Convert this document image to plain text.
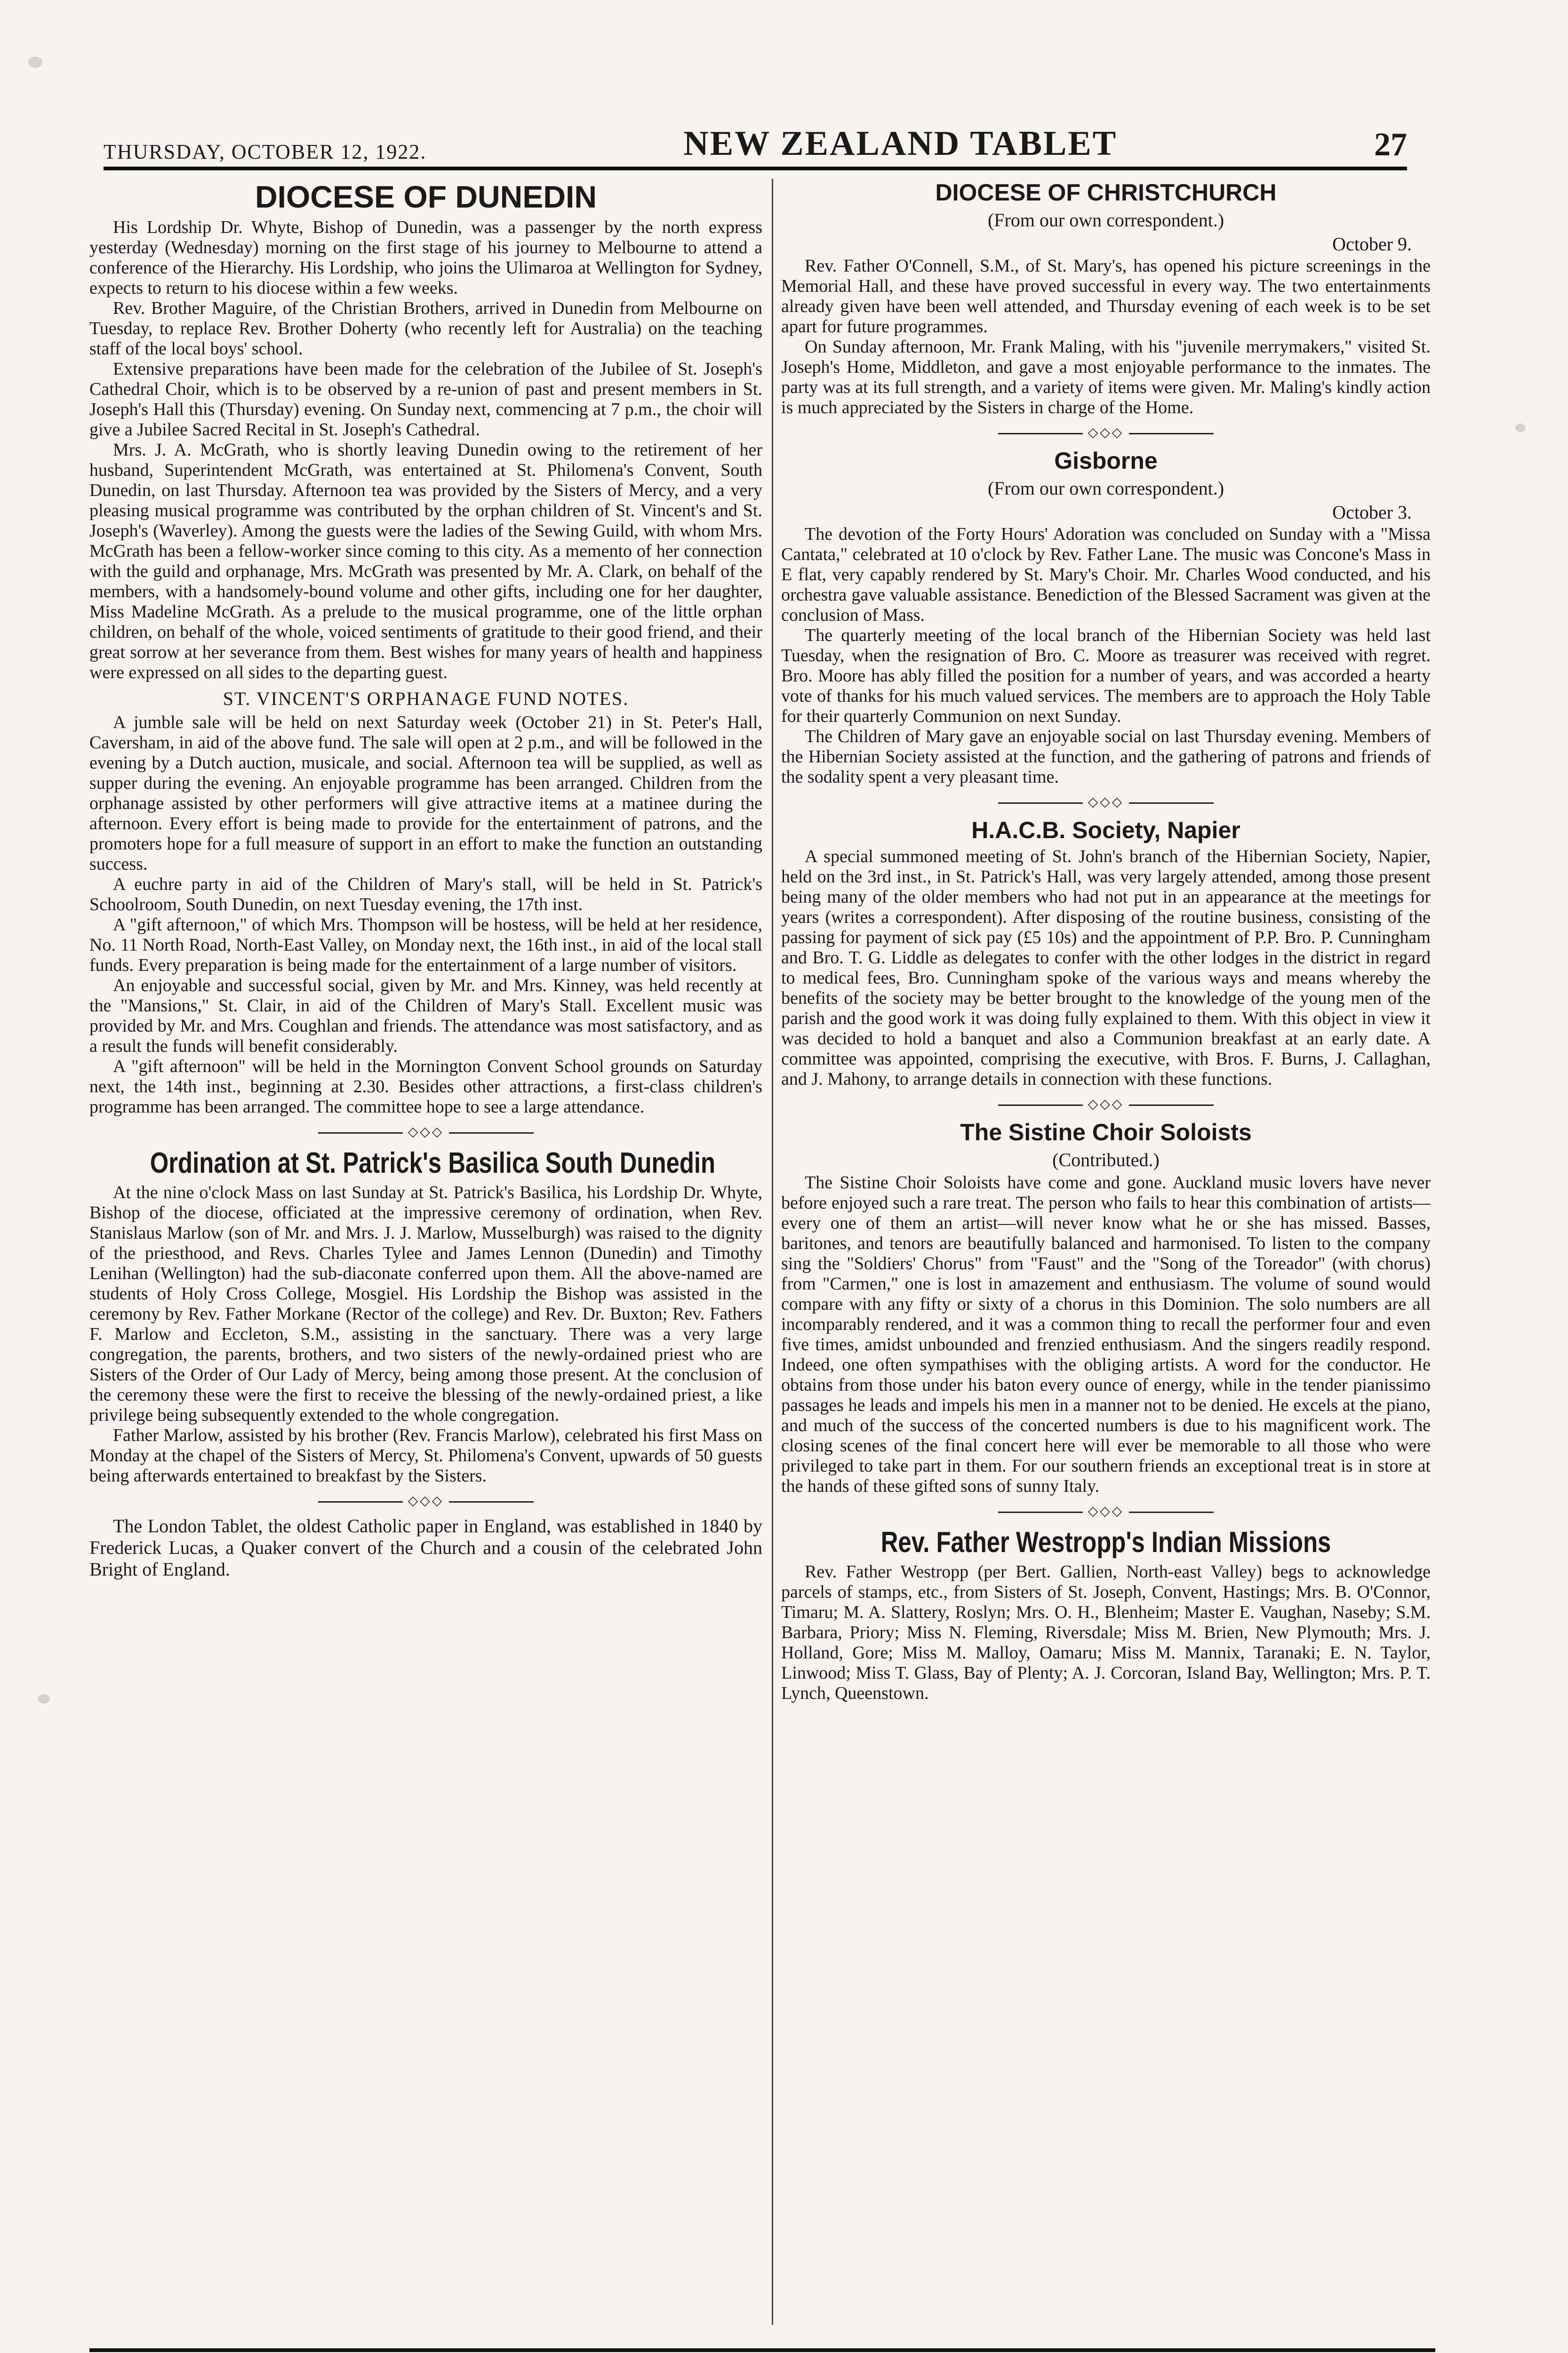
THURSDAY, OCTOBER 12, 1922.	NEW ZEALAND TABLET	27
DIOCESE OF DUNEDIN

His Lordship Dr. Whyte, Bishop of Dunedin, was a passenger by the north express yesterday (Wednesday) morning on the first stage of his journey to Melbourne to attend a conference of the Hierarchy. His Lordship, who joins the Ulimaroa at Wellington for Sydney, expects to return to his diocese within a few weeks.

Rev. Brother Maguire, of the Christian Brothers, arrived in Dunedin from Melbourne on Tuesday, to replace Rev. Brother Doherty (who recently left for Australia) on the teaching staff of the local boys' school.

Extensive preparations have been made for the celebration of the Jubilee of St. Joseph's Cathedral Choir, which is to be observed by a re-union of past and present members in St. Joseph's Hall this (Thursday) evening. On Sunday next, commencing at 7 p.m., the choir will give a Jubilee Sacred Recital in St. Joseph's Cathedral.

Mrs. J. A. McGrath, who is shortly leaving Dunedin owing to the retirement of her husband, Superintendent McGrath, was entertained at St. Philomena's Convent, South Dunedin, on last Thursday. Afternoon tea was provided by the Sisters of Mercy, and a very pleasing musical programme was contributed by the orphan children of St. Vincent's and St. Joseph's (Waverley). Among the guests were the ladies of the Sewing Guild, with whom Mrs. McGrath has been a fellow-worker since coming to this city. As a memento of her connection with the guild and orphanage, Mrs. McGrath was presented by Mr. A. Clark, on behalf of the members, with a handsomely-bound volume and other gifts, including one for her daughter, Miss Madeline McGrath. As a prelude to the musical programme, one of the little orphan children, on behalf of the whole, voiced sentiments of gratitude to their good friend, and their great sorrow at her severance from them. Best wishes for many years of health and happiness were expressed on all sides to the departing guest.

ST. VINCENT'S ORPHANAGE FUND NOTES.

A jumble sale will be held on next Saturday week (October 21) in St. Peter's Hall, Caversham, in aid of the above fund. The sale will open at 2 p.m., and will be followed in the evening by a Dutch auction, musicale, and social. Afternoon tea will be supplied, as well as supper during the evening. An enjoyable programme has been arranged. Children from the orphanage assisted by other performers will give attractive items at a matinee during the afternoon. Every effort is being made to provide for the entertainment of patrons, and the promoters hope for a full measure of support in an effort to make the function an outstanding success.

A euchre party in aid of the Children of Mary's stall, will be held in St. Patrick's Schoolroom, South Dunedin, on next Tuesday evening, the 17th inst.

A "gift afternoon," of which Mrs. Thompson will be hostess, will be held at her residence, No. 11 North Road, North-East Valley, on Monday next, the 16th inst., in aid of the local stall funds. Every preparation is being made for the entertainment of a large number of visitors.

An enjoyable and successful social, given by Mr. and Mrs. Kinney, was held recently at the "Mansions," St. Clair, in aid of the Children of Mary's Stall. Excellent music was provided by Mr. and Mrs. Coughlan and friends. The attendance was most satisfactory, and as a result the funds will benefit considerably.

A "gift afternoon" will be held in the Mornington Convent School grounds on Saturday next, the 14th inst., beginning at 2.30. Besides other attractions, a first-class children's programme has been arranged. The committee hope to see a large attendance.

◇◇◇
Ordination at St. Patrick's Basilica South Dunedin

At the nine o'clock Mass on last Sunday at St. Patrick's Basilica, his Lordship Dr. Whyte, Bishop of the diocese, officiated at the impressive ceremony of ordination, when Rev. Stanislaus Marlow (son of Mr. and Mrs. J. J. Marlow, Musselburgh) was raised to the dignity of the priesthood, and Revs. Charles Tylee and James Lennon (Dunedin) and Timothy Lenihan (Wellington) had the sub-diaconate conferred upon them. All the above-named are students of Holy Cross College, Mosgiel. His Lordship the Bishop was assisted in the ceremony by Rev. Father Morkane (Rector of the college) and Rev. Dr. Buxton; Rev. Fathers F. Marlow and Eccleton, S.M., assisting in the sanctuary. There was a very large congregation, the parents, brothers, and two sisters of the newly-ordained priest who are Sisters of the Order of Our Lady of Mercy, being among those present. At the conclusion of the ceremony these were the first to receive the blessing of the newly-ordained priest, a like privilege being subsequently extended to the whole congregation.

Father Marlow, assisted by his brother (Rev. Francis Marlow), celebrated his first Mass on Monday at the chapel of the Sisters of Mercy, St. Philomena's Convent, upwards of 50 guests being afterwards entertained to breakfast by the Sisters.

◇◇◇

The London Tablet, the oldest Catholic paper in England, was established in 1840 by Frederick Lucas, a Quaker convert of the Church and a cousin of the celebrated John Bright of England.

DIOCESE OF CHRISTCHURCH
(From our own correspondent.)
October 9.

Rev. Father O'Connell, S.M., of St. Mary's, has opened his picture screenings in the Memorial Hall, and these have proved successful in every way. The two entertainments already given have been well attended, and Thursday evening of each week is to be set apart for future programmes.

On Sunday afternoon, Mr. Frank Maling, with his "juvenile merrymakers," visited St. Joseph's Home, Middleton, and gave a most enjoyable performance to the inmates. The party was at its full strength, and a variety of items were given. Mr. Maling's kindly action is much appreciated by the Sisters in charge of the Home.

◇◇◇
Gisborne
(From our own correspondent.)
October 3.

The devotion of the Forty Hours' Adoration was concluded on Sunday with a "Missa Cantata," celebrated at 10 o'clock by Rev. Father Lane. The music was Concone's Mass in E flat, very capably rendered by St. Mary's Choir. Mr. Charles Wood conducted, and his orchestra gave valuable assistance. Benediction of the Blessed Sacrament was given at the conclusion of Mass.

The quarterly meeting of the local branch of the Hibernian Society was held last Tuesday, when the resignation of Bro. C. Moore as treasurer was received with regret. Bro. Moore has ably filled the position for a number of years, and was accorded a hearty vote of thanks for his much valued services. The members are to approach the Holy Table for their quarterly Communion on next Sunday.

The Children of Mary gave an enjoyable social on last Thursday evening. Members of the Hibernian Society assisted at the function, and the gathering of patrons and friends of the sodality spent a very pleasant time.

◇◇◇
H.A.C.B. Society, Napier

A special summoned meeting of St. John's branch of the Hibernian Society, Napier, held on the 3rd inst., in St. Patrick's Hall, was very largely attended, among those present being many of the older members who had not put in an appearance at the meetings for years (writes a correspondent). After disposing of the routine business, consisting of the passing for payment of sick pay (£5 10s) and the appointment of P.P. Bro. P. Cunningham and Bro. T. G. Liddle as delegates to confer with the other lodges in the district in regard to medical fees, Bro. Cunningham spoke of the various ways and means whereby the benefits of the society may be better brought to the knowledge of the young men of the parish and the good work it was doing fully explained to them. With this object in view it was decided to hold a banquet and also a Communion breakfast at an early date. A committee was appointed, comprising the executive, with Bros. F. Burns, J. Callaghan, and J. Mahony, to arrange details in connection with these functions.

◇◇◇
The Sistine Choir Soloists
(Contributed.)

The Sistine Choir Soloists have come and gone. Auckland music lovers have never before enjoyed such a rare treat. The person who fails to hear this combination of artists—every one of them an artist—will never know what he or she has missed. Basses, baritones, and tenors are beautifully balanced and harmonised. To listen to the company sing the "Soldiers' Chorus" from "Faust" and the "Song of the Toreador" (with chorus) from "Carmen," one is lost in amazement and enthusiasm. The volume of sound would compare with any fifty or sixty of a chorus in this Dominion. The solo numbers are all incomparably rendered, and it was a common thing to recall the performer four and even five times, amidst unbounded and frenzied enthusiasm. And the singers readily respond. Indeed, one often sympathises with the obliging artists. A word for the conductor. He obtains from those under his baton every ounce of energy, while in the tender pianissimo passages he leads and impels his men in a manner not to be denied. He excels at the piano, and much of the success of the concerted numbers is due to his magnificent work. The closing scenes of the final concert here will ever be memorable to all those who were privileged to take part in them. For our southern friends an exceptional treat is in store at the hands of these gifted sons of sunny Italy.

◇◇◇
Rev. Father Westropp's Indian Missions

Rev. Father Westropp (per Bert. Gallien, North-east Valley) begs to acknowledge parcels of stamps, etc., from Sisters of St. Joseph, Convent, Hastings; Mrs. B. O'Connor, Timaru; M. A. Slattery, Roslyn; Mrs. O. H., Blenheim; Master E. Vaughan, Naseby; S.M. Barbara, Priory; Miss N. Fleming, Riversdale; Miss M. Brien, New Plymouth; Mrs. J. Holland, Gore; Miss M. Malloy, Oamaru; Miss M. Mannix, Taranaki; E. N. Taylor, Linwood; Miss T. Glass, Bay of Plenty; A. J. Corcoran, Island Bay, Wellington; Mrs. P. T. Lynch, Queenstown.
